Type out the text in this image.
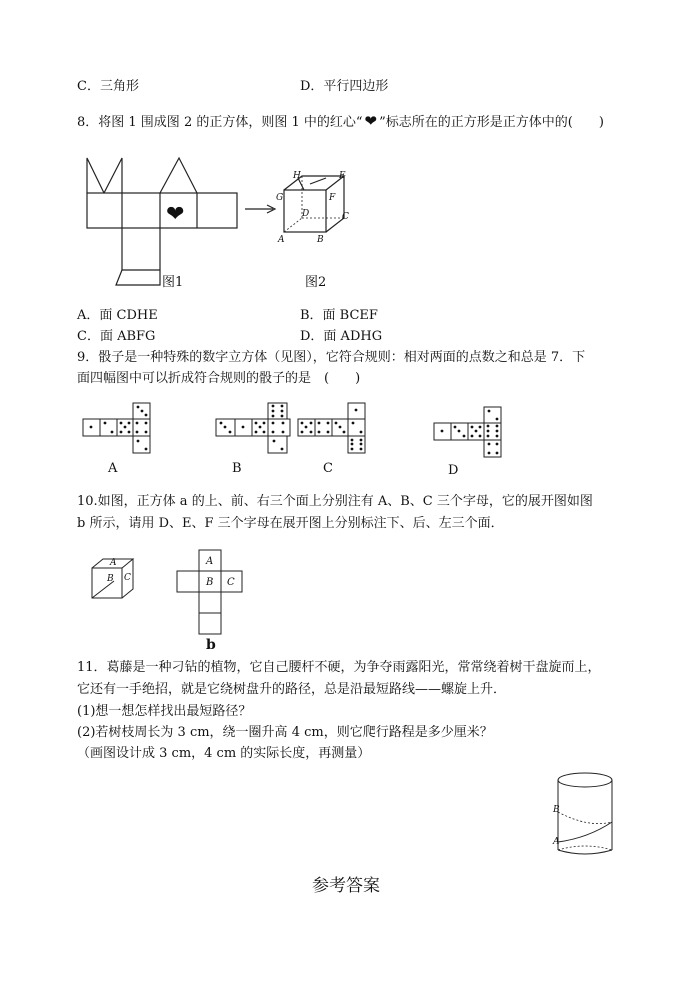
C．三角形	D．平行四边形
8．将图 1 围成图 2 的正方体，则图 1 中的红心“ ❤ ”标志所在的正方形是正方体中的(　　)
❤
图1
H	E
G	F
D	C
A	B
图2
A．面 CDHE	B．面 BCEF
C．面 ABFG	D．面 ADHG
9．骰子是一种特殊的数字立方体（见图），它符合规则：相对两面的点数之和总是 7．下
面四幅图中可以折成符合规则的骰子的是　(　　)
A	B	C	D
10.如图，正方体 a 的上、前、右三个面上分别注有 A、B、C 三个字母，它的展开图如图
b 所示，请用 D、E、F 三个字母在展开图上分别标注下、后、左三个面．
A
B C
A
B C
b
11．葛藤是一种刁钻的植物，它自己腰杆不硬，为争夺雨露阳光，常常绕着树干盘旋而上，
它还有一手绝招，就是它绕树盘升的路径，总是沿最短路线——螺旋上升．
(1)想一想怎样找出最短路径？
(2)若树枝周长为 3 cm，绕一圈升高 4 cm，则它爬行路程是多少厘米？
（画图设计成 3 cm，4 cm 的实际长度，再测量）
B
A
参考答案
